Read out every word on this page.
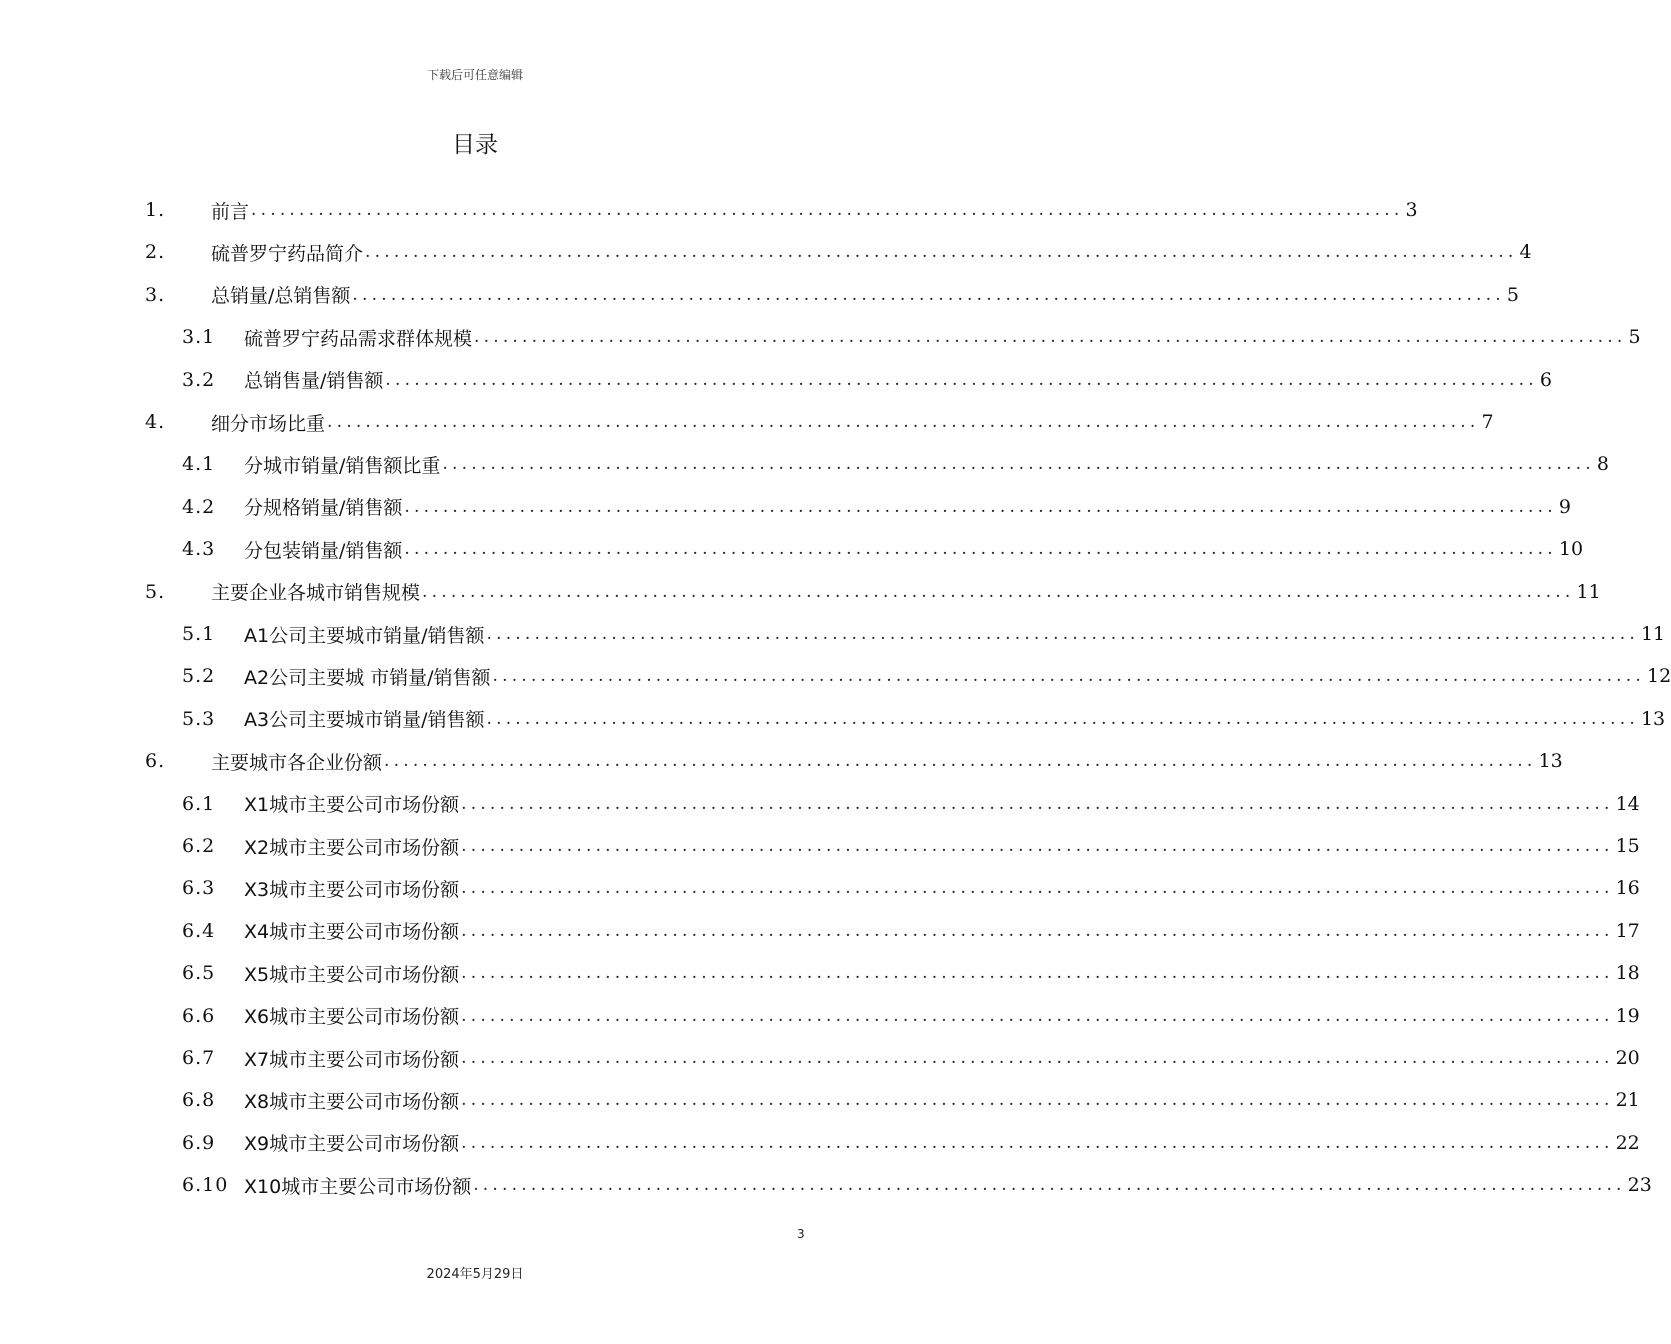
下载后可任意编辑
目录
1. 前言 ........................................................................................................................ 3
2. 硫普罗宁药品简介 ........................................................................................................................ 4
3. 总销量/总销售额 ........................................................................................................................ 5
3.1 硫普罗宁药品需求群体规模 ........................................................................................................................ 5
3.2 总销售量/销售额 ........................................................................................................................ 6
4. 细分市场比重 ........................................................................................................................ 7
4.1 分城市销量/销售额比重 ........................................................................................................................ 8
4.2 分规格销量/销售额 ........................................................................................................................ 9
4.3 分包装销量/销售额 ........................................................................................................................ 10
5. 主要企业各城市销售规模 ........................................................................................................................ 11
5.1 A1公司主要城市销量/销售额 ........................................................................................................................ 11
5.2 A2公司主要城 市销量/销售额 ........................................................................................................................ 12
5.3 A3公司主要城市销量/销售额 ........................................................................................................................ 13
6. 主要城市各企业份额 ........................................................................................................................ 13
6.1 X1城市主要公司市场份额 ........................................................................................................................ 14
6.2 X2城市主要公司市场份额 ........................................................................................................................ 15
6.3 X3城市主要公司市场份额 ........................................................................................................................ 16
6.4 X4城市主要公司市场份额 ........................................................................................................................ 17
6.5 X5城市主要公司市场份额 ........................................................................................................................ 18
6.6 X6城市主要公司市场份额 ........................................................................................................................ 19
6.7 X7城市主要公司市场份额 ........................................................................................................................ 20
6.8 X8城市主要公司市场份额 ........................................................................................................................ 21
6.9 X9城市主要公司市场份额 ........................................................................................................................ 22
6.10 X10城市主要公司市场份额 ........................................................................................................................ 23
3
2024年5月29日
